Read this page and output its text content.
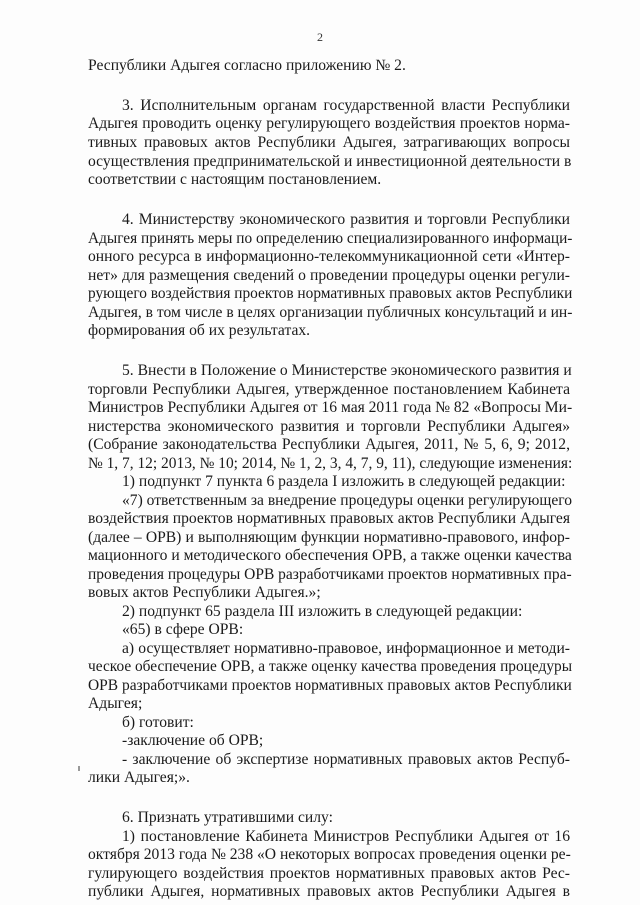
2
Республики Адыгея согласно приложению № 2.
3. Исполнительным органам государственной власти Республики
Адыгея проводить оценку регулирующего воздействия проектов норма-
тивных правовых актов Республики Адыгея, затрагивающих вопросы
осуществления предпринимательской и инвестиционной деятельности в
соответствии с настоящим постановлением.
4. Министерству экономического развития и торговли Республики
Адыгея принять меры по определению специализированного информаци-
онного ресурса в информационно-телекоммуникационной сети «Интер-
нет» для размещения сведений о проведении процедуры оценки регули-
рующего воздействия проектов нормативных правовых актов Республики
Адыгея, в том числе в целях организации публичных консультаций и ин-
формирования об их результатах.
5. Внести в Положение о Министерстве экономического развития и
торговли Республики Адыгея, утвержденное постановлением Кабинета
Министров Республики Адыгея от 16 мая 2011 года № 82 «Вопросы Ми-
нистерства экономического развития и торговли Республики Адыгея»
(Собрание законодательства Республики Адыгея, 2011, № 5, 6, 9; 2012,
№ 1, 7, 12; 2013, № 10; 2014, № 1, 2, 3, 4, 7, 9, 11), следующие изменения:
1) подпункт 7 пункта 6 раздела I изложить в следующей редакции:
«7) ответственным за внедрение процедуры оценки регулирующего
воздействия проектов нормативных правовых актов Республики Адыгея
(далее – ОРВ) и выполняющим функции нормативно-правового, инфор-
мационного и методического обеспечения ОРВ, а также оценки качества
проведения процедуры ОРВ разработчиками проектов нормативных пра-
вовых актов Республики Адыгея.»;
2) подпункт 65 раздела III изложить в следующей редакции:
«65) в сфере ОРВ:
а) осуществляет нормативно-правовое, информационное и методи-
ческое обеспечение ОРВ, а также оценку качества проведения процедуры
ОРВ разработчиками проектов нормативных правовых актов Республики
Адыгея;
б) готовит:
-заключение об ОРВ;
- заключение об экспертизе нормативных правовых актов Респуб-
лики Адыгея;».
6. Признать утратившими силу:
1) постановление Кабинета Министров Республики Адыгея от 16
октября 2013 года № 238 «О некоторых вопросах проведения оценки ре-
гулирующего воздействия проектов нормативных правовых актов Рес-
публики Адыгея, нормативных правовых актов Республики Адыгея в
